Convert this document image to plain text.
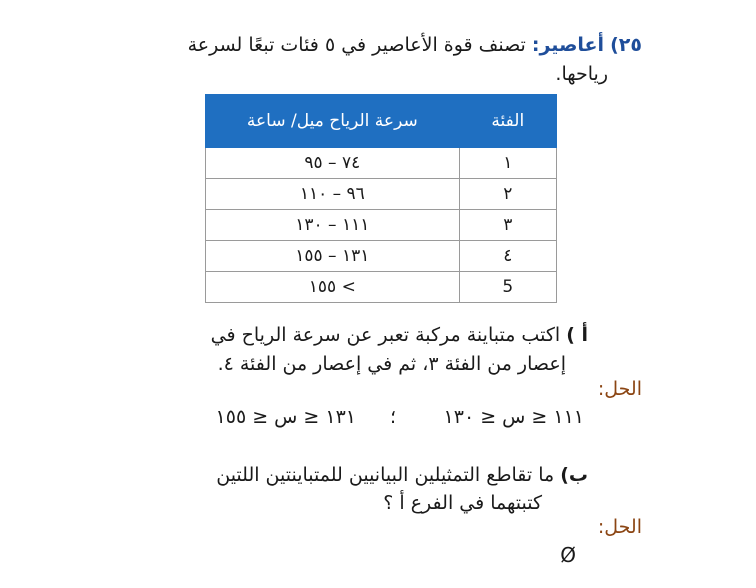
٢٥) أعاصير: تصنف قوة الأعاصير في ٥ فئات تبعًا لسرعة
رياحها.
الفئة	سرعة الرياح ميل/ ساعة
١	٧٤ – ٩٥
٢	٩٦ – ١١٠
٣	١١١ – ١٣٠
٤	١٣١ – ١٥٥
5	> ١٥٥
أ ) اكتب متباينة مركبة تعبر عن سرعة الرياح في
إعصار من الفئة ٣، ثم في إعصار من الفئة ٤.
الحل:
١١١ ≤ س ≤ ١٣٠
؛
١٣١ ≤ س ≤ ١٥٥
ب) ما تقاطع التمثيلين البيانيين للمتباينتين اللتين
كتبتهما في الفرع أ ؟
الحل:
Ø
